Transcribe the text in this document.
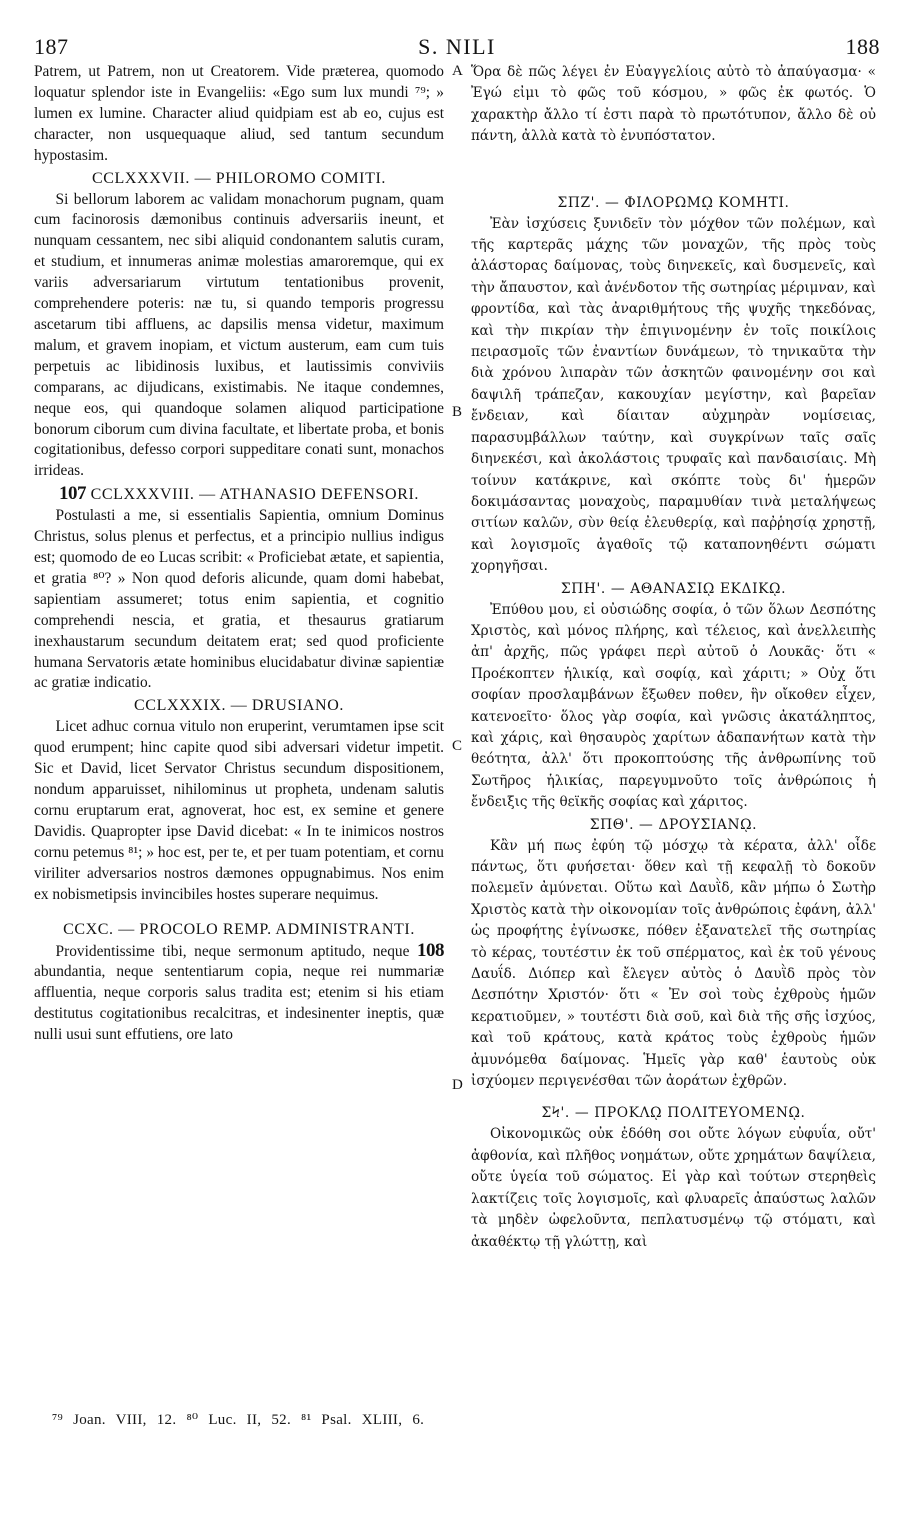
S. NILI
187	188
A
B
C
D

Patrem, ut Patrem, non ut Creatorem. Vide præterea, quomodo loquatur splendor iste in Evangeliis: «Ego sum lux mundi ⁷⁹; » lumen ex lumine. Character aliud quidpiam est ab eo, cujus est character, non usquequaque aliud, sed tantum secundum hypostasim.

CCLXXXVII. — PHILOROMO COMITI.

Si bellorum laborem ac validam monachorum pugnam, quam cum facinorosis dæmonibus continuis adversariis ineunt, et nunquam cessantem, nec sibi aliquid condonantem salutis curam, et studium, et innumeras animæ molestias amaroremque, qui ex variis adversariarum virtutum tentationibus provenit, comprehendere poteris: næ tu, si quando temporis progressu ascetarum tibi affluens, ac dapsilis mensa videtur, maximum malum, et gravem inopiam, et victum austerum, eam cum tuis perpetuis ac libidinosis luxibus, et lautissimis conviviis comparans, ac dijudicans, existimabis. Ne itaque condemnes, neque eos, qui quandoque solamen aliquod participatione bonorum ciborum cum divina facultate, et libertate proba, et bonis cogitationibus, defesso corpori suppeditare conati sunt, monachos irrideas.

107 CCLXXXVIII. — ATHANASIO DEFENSORI.

Postulasti a me, si essentialis Sapientia, omnium Dominus Christus, solus plenus et perfectus, et a principio nullius indigus est; quomodo de eo Lucas scribit: « Proficiebat ætate, et sapientia, et gratia ⁸⁰? » Non quod deforis alicunde, quam domi habebat, sapientiam assumeret; totus enim sapientia, et cognitio comprehendi nescia, et gratia, et thesaurus gratiarum inexhaustarum secundum deitatem erat; sed quod proficiente humana Servatoris ætate hominibus elucidabatur divinæ sapientiæ ac gratiæ indicatio.

CCLXXXIX. — DRUSIANO.

Licet adhuc cornua vitulo non eruperint, verumtamen ipse scit quod erumpent; hinc capite quod sibi adversari videtur impetit. Sic et David, licet Servator Christus secundum dispositionem, nondum apparuisset, nihilominus ut propheta, undenam salutis cornu eruptarum erat, agnoverat, hoc est, ex semine et genere Davidis. Quapropter ipse David dicebat: « In te inimicos nostros cornu petemus ⁸¹; » hoc est, per te, et per tuam potentiam, et cornu viriliter adversarios nostros dæmones oppugnabimus. Nos enim ex nobismetipsis invincibiles hostes superare nequimus.

CCXC. — PROCOLO REMP. ADMINISTRANTI.

Providentissime tibi, neque sermonum aptitudo, neque 108 abundantia, neque sententiarum copia, neque rei nummariæ affluentia, neque corporis salus tradita est; etenim si his etiam destitutus cogitationibus recalcitras, et indesinenter ineptis, quæ nulli usui sunt effutiens, ore lato

Ὅρα δὲ πῶς λέγει ἐν Εὐαγγελίοις αὐτὸ τὸ ἀπαύγασμα· « Ἐγώ εἰμι τὸ φῶς τοῦ κόσμου, » φῶς ἐκ φωτός. Ὁ χαρακτὴρ ἄλλο τί ἐστι παρὰ τὸ πρωτότυπον, ἄλλο δὲ οὐ πάντη, ἀλλὰ κατὰ τὸ ἐνυπόστατον.

ΣΠΖ'. — ΦΙΛΟΡΩΜῼ ΚΟΜΗΤΙ.

Ἐὰν ἰσχύσεις ξυνιδεῖν τὸν μόχθον τῶν πολέμων, καὶ τῆς καρτερᾶς μάχης τῶν μοναχῶν, τῆς πρὸς τοὺς ἀλάστορας δαίμονας, τοὺς διηνεκεῖς, καὶ δυσμενεῖς, καὶ τὴν ἄπαυστον, καὶ ἀνένδοτον τῆς σωτηρίας μέριμναν, καὶ φροντίδα, καὶ τὰς ἀναριθμήτους τῆς ψυχῆς τηκεδόνας, καὶ τὴν πικρίαν τὴν ἐπιγινομένην ἐν τοῖς ποικίλοις πειρασμοῖς τῶν ἐναντίων δυνάμεων, τὸ τηνικαῦτα τὴν διὰ χρόνου λιπαρὰν τῶν ἀσκητῶν φαινομένην σοι καὶ δαψιλῆ τράπεζαν, κακουχίαν μεγίστην, καὶ βαρεῖαν ἔνδειαν, καὶ δίαιταν αὐχμηρὰν νομίσειας, παρασυμβάλλων ταύτην, καὶ συγκρίνων ταῖς σαῖς διηνεκέσι, καὶ ἀκολάστοις τρυφαῖς καὶ πανδαισίαις. Μὴ τοίνυν κατάκρινε, καὶ σκόπτε τοὺς δι' ἡμερῶν δοκιμάσαντας μοναχοὺς, παραμυθίαν τινὰ μεταλήψεως σιτίων καλῶν, σὺν θείᾳ ἐλευθερίᾳ, καὶ παῤῥησίᾳ χρηστῇ, καὶ λογισμοῖς ἀγαθοῖς τῷ καταπονηθέντι σώματι χορηγῆσαι.

ΣΠΗ'. — ΑΘΑΝΑΣΙῼ ΕΚΔΙΚῼ.

Ἐπύθου μου, εἰ οὐσιώδης σοφία, ὁ τῶν ὅλων Δεσπότης Χριστὸς, καὶ μόνος πλήρης, καὶ τέλειος, καὶ ἀνελλειπὴς ἀπ' ἀρχῆς, πῶς γράφει περὶ αὐτοῦ ὁ Λουκᾶς· ὅτι « Προέκοπτεν ἡλικίᾳ, καὶ σοφίᾳ, καὶ χάριτι; » Οὐχ ὅτι σοφίαν προσλαμβάνων ἔξωθεν ποθεν, ἣν οἴκοθεν εἶχεν, κατενοεῖτο· ὅλος γὰρ σοφία, καὶ γνῶσις ἀκατάληπτος, καὶ χάρις, καὶ θησαυρὸς χαρίτων ἀδαπανήτων κατὰ τὴν θεότητα, ἀλλ' ὅτι προκοπτούσης τῆς ἀνθρωπίνης τοῦ Σωτῆρος ἡλικίας, παρεγυμνοῦτο τοῖς ἀνθρώποις ἡ ἔνδειξις τῆς θεϊκῆς σοφίας καὶ χάριτος.

ΣΠΘ'. — ΔΡΟΥΣΙΑΝῼ.

Κἂν μή πως ἐφύη τῷ μόσχῳ τὰ κέρατα, ἀλλ' οἶδε πάντως, ὅτι φυήσεται· ὅθεν καὶ τῇ κεφαλῇ τὸ δοκοῦν πολεμεῖν ἀμύνεται. Οὕτω καὶ Δαυῒδ, κἂν μήπω ὁ Σωτὴρ Χριστὸς κατὰ τὴν οἰκονομίαν τοῖς ἀνθρώποις ἐφάνη, ἀλλ' ὡς προφήτης ἐγίνωσκε, πόθεν ἐξανατελεῖ τῆς σωτηρίας τὸ κέρας, τουτέστιν ἐκ τοῦ σπέρματος, καὶ ἐκ τοῦ γένους Δαυΐδ. Διόπερ καὶ ἔλεγεν αὐτὸς ὁ Δαυῒδ πρὸς τὸν Δεσπότην Χριστόν· ὅτι « Ἐν σοὶ τοὺς ἐχθροὺς ἡμῶν κερατιοῦμεν, » τουτέστι διὰ σοῦ, καὶ διὰ τῆς σῆς ἰσχύος, καὶ τοῦ κράτους, κατὰ κράτος τοὺς ἐχθροὺς ἡμῶν ἀμυνόμεθα δαίμονας. Ἡμεῖς γὰρ καθ' ἑαυτοὺς οὐκ ἰσχύομεν περιγενέσθαι τῶν ἀοράτων ἐχθρῶν.

ΣϞ'. — ΠΡΟΚΛῼ ΠΟΛΙΤΕΥΟΜΕΝῼ.

Οἰκονομικῶς οὐκ ἐδόθη σοι οὔτε λόγων εὐφυΐα, οὔτ' ἀφθονία, καὶ πλῆθος νοημάτων, οὔτε χρημάτων δαψίλεια, οὔτε ὑγεία τοῦ σώματος. Εἰ γὰρ καὶ τούτων στερηθεὶς λακτίζεις τοῖς λογισμοῖς, καὶ φλυαρεῖς ἀπαύστως λαλῶν τὰ μηδὲν ὠφελοῦντα, πεπλατυσμένῳ τῷ στόματι, καὶ ἀκαθέκτῳ τῇ γλώττῃ, καὶ

⁷⁹ Joan. VIII, 12. ⁸⁰ Luc. II, 52. ⁸¹ Psal. XLIII, 6.
